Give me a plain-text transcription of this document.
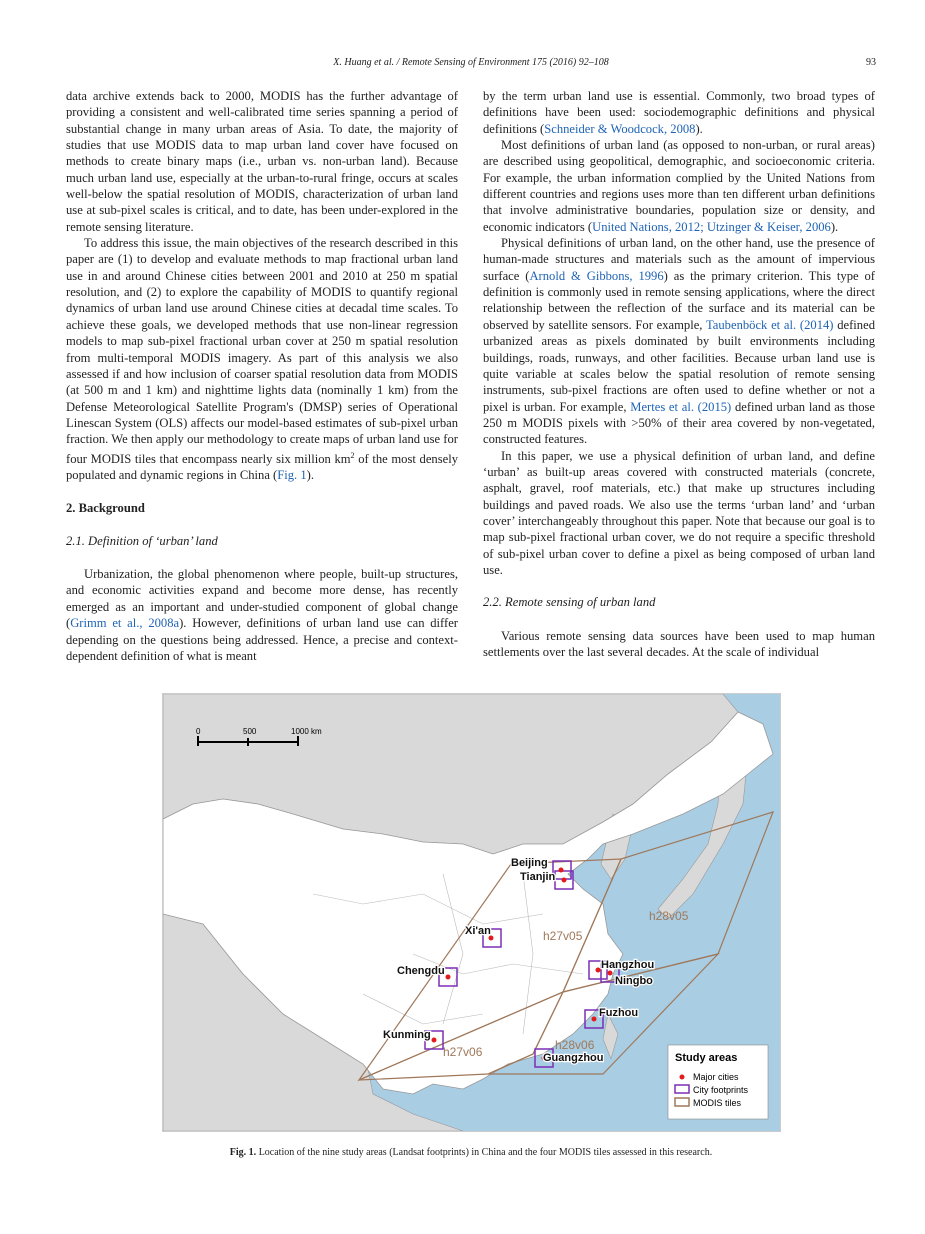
X. Huang et al. / Remote Sensing of Environment 175 (2016) 92–108	93

data archive extends back to 2000, MODIS has the further advantage of providing a consistent and well-calibrated time series spanning a period of substantial change in many urban areas of Asia. To date, the majority of studies that use MODIS data to map urban land cover have focused on methods to create binary maps (i.e., urban vs. non-urban land). Because much urban land use, especially at the urban-to-rural fringe, occurs at scales well-below the spatial resolution of MODIS, characterization of urban land use at sub-pixel scales is critical, and to date, has been under-explored in the remote sensing literature.

To address this issue, the main objectives of the research described in this paper are (1) to develop and evaluate methods to map fractional urban land use in and around Chinese cities between 2001 and 2010 at 250 m spatial resolution, and (2) to explore the capability of MODIS to quantify regional dynamics of urban land use around Chinese cities at decadal time scales. To achieve these goals, we developed methods that use non-linear regression models to map sub-pixel fractional urban cover at 250 m spatial resolution from multi-temporal MODIS imagery. As part of this analysis we also assessed if and how inclusion of coarser spatial resolution data from MODIS (at 500 m and 1 km) and nighttime lights data (nominally 1 km) from the Defense Meteorological Satellite Program's (DMSP) series of Operational Linescan System (OLS) affects our model-based estimates of sub-pixel urban fraction. We then apply our methodology to create maps of urban land use for four MODIS tiles that encompass nearly six million $km^2$ of the most densely populated and dynamic regions in China (Fig. 1).

2. Background
2.1. Definition of ‘urban’ land

Urbanization, the global phenomenon where people, built-up structures, and economic activities expand and become more dense, has recently emerged as an important and under-studied component of global change (Grimm et al., 2008a). However, definitions of urban land use can differ depending on the questions being addressed. Hence, a precise and context-dependent definition of what is meant

by the term urban land use is essential. Commonly, two broad types of definitions have been used: sociodemographic definitions and physical definitions (Schneider & Woodcock, 2008).

Most definitions of urban land (as opposed to non-urban, or rural areas) are described using geopolitical, demographic, and socioeconomic criteria. For example, the urban information complied by the United Nations from different countries and regions uses more than ten different urban definitions that involve administrative boundaries, population size or density, and economic indicators (United Nations, 2012; Utzinger & Keiser, 2006).

Physical definitions of urban land, on the other hand, use the presence of human-made structures and materials such as the amount of impervious surface (Arnold & Gibbons, 1996) as the primary criterion. This type of definition is commonly used in remote sensing applications, where the direct relationship between the reflection of the surface and its material can be observed by satellite sensors. For example, Taubenböck et al. (2014) defined urbanized areas as pixels dominated by built environments including buildings, roads, runways, and other facilities. Because urban land use is quite variable at scales below the spatial resolution of remote sensing instruments, sub-pixel fractions are often used to define whether or not a pixel is urban. For example, Mertes et al. (2015) defined urban land as those 250 m MODIS pixels with >50% of their area covered by non-vegetated, constructed features.

In this paper, we use a physical definition of urban land, and define ‘urban’ as built-up areas covered with constructed materials (concrete, asphalt, gravel, roof materials, etc.) that make up structures including buildings and paved roads. We also use the terms ‘urban land’ and ‘urban cover’ interchangeably throughout this paper. Note that because our goal is to map sub-pixel fractional urban cover, we do not require a specific threshold of sub-pixel urban cover to define a pixel as being composed of urban land use.

2.2. Remote sensing of urban land

Various remote sensing data sources have been used to map human settlements over the last several decades. At the scale of individual

0	500	1000 km
h27v05
h28v05
h27v06	h28v06
Beijing
Tianjin
Xi'an
Chengdu	Hangzhou
Ningbo
Fuzhou
Kunming
Guangzhou	Study areas
Major cities
City footprints
MODIS tiles
Fig. 1. Location of the nine study areas (Landsat footprints) in China and the four MODIS tiles assessed in this research.
